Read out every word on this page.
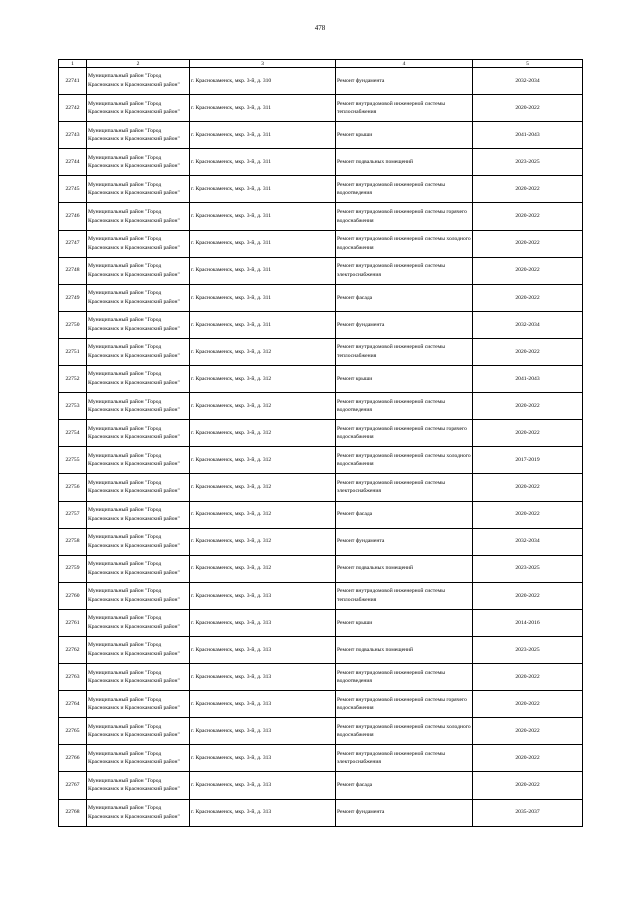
478
1	2	3	4	5
22741	Муниципальный район "Город Краснокамск и Краснокамский район"	г. Краснокаменск, мкр. 3-й, д. 310	Ремонт фундамента	2032-2034
22742	Муниципальный район "Город Краснокамск и Краснокамский район"	г. Краснокаменск, мкр. 3-й, д. 311	Ремонт внутридомовой инженерной системы теплоснабжения	2020-2022
22743	Муниципальный район "Город Краснокамск и Краснокамский район"	г. Краснокаменск, мкр. 3-й, д. 311	Ремонт крыши	2041-2043
22744	Муниципальный район "Город Краснокамск и Краснокамский район"	г. Краснокаменск, мкр. 3-й, д. 311	Ремонт подвальных помещений	2023-2025
22745	Муниципальный район "Город Краснокамск и Краснокамский район"	г. Краснокаменск, мкр. 3-й, д. 311	Ремонт внутридомовой инженерной системы водоотведения	2020-2022
22746	Муниципальный район "Город Краснокамск и Краснокамский район"	г. Краснокаменск, мкр. 3-й, д. 311	Ремонт внутридомовой инженерной системы горячего водоснабжения	2020-2022
22747	Муниципальный район "Город Краснокамск и Краснокамский район"	г. Краснокаменск, мкр. 3-й, д. 311	Ремонт внутридомовой инженерной системы холодного водоснабжения	2020-2022
22748	Муниципальный район "Город Краснокамск и Краснокамский район"	г. Краснокаменск, мкр. 3-й, д. 311	Ремонт внутридомовой инженерной системы электроснабжения	2020-2022
22749	Муниципальный район "Город Краснокамск и Краснокамский район"	г. Краснокаменск, мкр. 3-й, д. 311	Ремонт фасада	2020-2022
22750	Муниципальный район "Город Краснокамск и Краснокамский район"	г. Краснокаменск, мкр. 3-й, д. 311	Ремонт фундамента	2032-2034
22751	Муниципальный район "Город Краснокамск и Краснокамский район"	г. Краснокаменск, мкр. 3-й, д. 312	Ремонт внутридомовой инженерной системы теплоснабжения	2020-2022
22752	Муниципальный район "Город Краснокамск и Краснокамский район"	г. Краснокаменск, мкр. 3-й, д. 312	Ремонт крыши	2041-2043
22753	Муниципальный район "Город Краснокамск и Краснокамский район"	г. Краснокаменск, мкр. 3-й, д. 312	Ремонт внутридомовой инженерной системы водоотведения	2020-2022
22754	Муниципальный район "Город Краснокамск и Краснокамский район"	г. Краснокаменск, мкр. 3-й, д. 312	Ремонт внутридомовой инженерной системы горячего водоснабжения	2020-2022
22755	Муниципальный район "Город Краснокамск и Краснокамский район"	г. Краснокаменск, мкр. 3-й, д. 312	Ремонт внутридомовой инженерной системы холодного водоснабжения	2017-2019
22756	Муниципальный район "Город Краснокамск и Краснокамский район"	г. Краснокаменск, мкр. 3-й, д. 312	Ремонт внутридомовой инженерной системы электроснабжения	2020-2022
22757	Муниципальный район "Город Краснокамск и Краснокамский район"	г. Краснокаменск, мкр. 3-й, д. 312	Ремонт фасада	2020-2022
22758	Муниципальный район "Город Краснокамск и Краснокамский район"	г. Краснокаменск, мкр. 3-й, д. 312	Ремонт фундамента	2032-2034
22759	Муниципальный район "Город Краснокамск и Краснокамский район"	г. Краснокаменск, мкр. 3-й, д. 312	Ремонт подвальных помещений	2023-2025
22760	Муниципальный район "Город Краснокамск и Краснокамский район"	г. Краснокаменск, мкр. 3-й, д. 313	Ремонт внутридомовой инженерной системы теплоснабжения	2020-2022
22761	Муниципальный район "Город Краснокамск и Краснокамский район"	г. Краснокаменск, мкр. 3-й, д. 313	Ремонт крыши	2014-2016
22762	Муниципальный район "Город Краснокамск и Краснокамский район"	г. Краснокаменск, мкр. 3-й, д. 313	Ремонт подвальных помещений	2023-2025
22763	Муниципальный район "Город Краснокамск и Краснокамский район"	г. Краснокаменск, мкр. 3-й, д. 313	Ремонт внутридомовой инженерной системы водоотведения	2020-2022
22764	Муниципальный район "Город Краснокамск и Краснокамский район"	г. Краснокаменск, мкр. 3-й, д. 313	Ремонт внутридомовой инженерной системы горячего водоснабжения	2020-2022
22765	Муниципальный район "Город Краснокамск и Краснокамский район"	г. Краснокаменск, мкр. 3-й, д. 313	Ремонт внутридомовой инженерной системы холодного водоснабжения	2020-2022
22766	Муниципальный район "Город Краснокамск и Краснокамский район"	г. Краснокаменск, мкр. 3-й, д. 313	Ремонт внутридомовой инженерной системы электроснабжения	2020-2022
22767	Муниципальный район "Город Краснокамск и Краснокамский район"	г. Краснокаменск, мкр. 3-й, д. 313	Ремонт фасада	2020-2022
22768	Муниципальный район "Город Краснокамск и Краснокамский район"	г. Краснокаменск, мкр. 3-й, д. 313	Ремонт фундамента	2035-2037
